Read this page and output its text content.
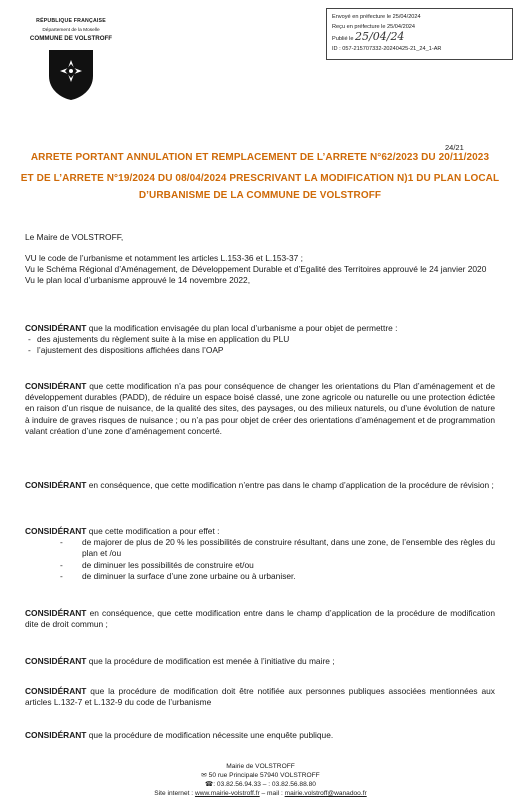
RÉPUBLIQUE FRANÇAISE
Département de la Moselle
COMMUNE DE VOLSTROFF
Envoyé en préfecture le 25/04/2024
Reçu en préfecture le 25/04/2024
Publié le 25/04/24
ID : 057-215707332-20240425-21_24_1-AR
24/21
ARRETE PORTANT ANNULATION ET REMPLACEMENT DE L’ARRETE N°62/2023 DU 20/11/2023
ET DE L’ARRETE N°19/2024 DU 08/04/2024 PRESCRIVANT LA MODIFICATION N)1 DU PLAN LOCAL
D’URBANISME DE LA COMMUNE DE VOLSTROFF
Le Maire de VOLSTROFF,
VU le code de l’urbanisme et notamment les articles L.153-36 et L.153-37 ;
Vu le Schéma Régional d’Aménagement, de Développement Durable et d’Egalité des Territoires approuvé le 24 janvier 2020
Vu le plan local d’urbanisme approuvé le 14 novembre 2022,
CONSIDÉRANT que la modification envisagée du plan local d’urbanisme a pour objet de permettre :
- des ajustements du règlement suite à la mise en application du PLU
- l’ajustement des dispositions affichées dans l’OAP
CONSIDÉRANT que cette modification n’a pas pour conséquence de changer les orientations du Plan d’aménagement et de développement durables (PADD), de réduire un espace boisé classé, une zone agricole ou naturelle ou une protection édictée en raison d’un risque de nuisance, de la qualité des sites, des paysages, ou des milieux naturels, ou d’une évolution de nature à induire de graves risques de nuisance ; ou n’a pas pour objet de créer des orientations d’aménagement et de programmation valant création d’une zone d’aménagement concerté.
CONSIDÉRANT en conséquence, que cette modification n’entre pas dans le champ d’application de la procédure de révision ;
CONSIDÉRANT que cette modification a pour effet :
- de majorer de plus de 20 % les possibilités de construire résultant, dans une zone, de l’ensemble des règles du plan et /ou
- de diminuer les possibilités de construire et/ou
- de diminuer la surface d’une zone urbaine ou à urbaniser.
CONSIDÉRANT en conséquence, que cette modification entre dans le champ d’application de la procédure de modification dite de droit commun ;
CONSIDÉRANT que la procédure de modification est menée à l’initiative du maire ;
CONSIDÉRANT que la procédure de modification doit être notifiée aux personnes publiques associées mentionnées aux articles L.132-7 et L.132-9 du code de l’urbanisme
CONSIDÉRANT que la procédure de modification nécessite une enquête publique.
Mairie de VOLSTROFF
✉ 50 rue Principale 57940 VOLSTROFF
☎: 03.82.56.94.33 – : 03.82.56.88.80
Site internet : www.mairie-volstroff.fr – mail : mairie.volstroff@wanadoo.fr
